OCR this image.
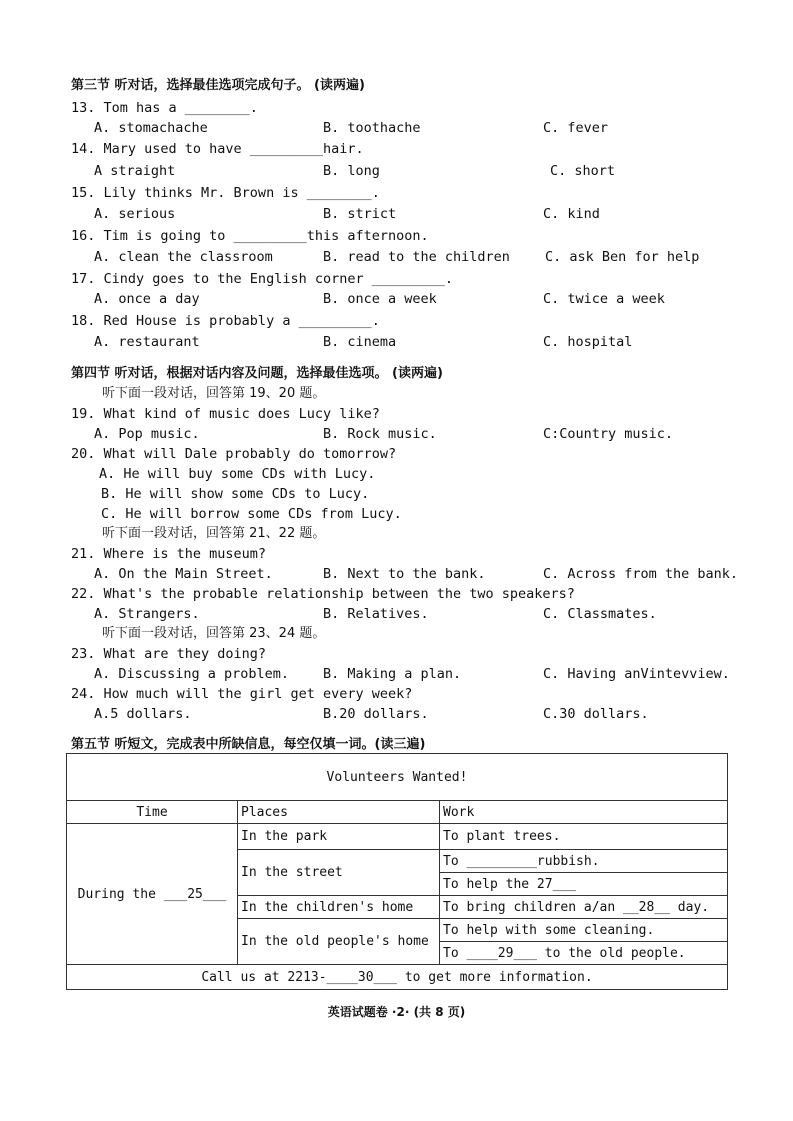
第三节 听对话，选择最佳选项完成句子。 (读两遍)
13. Tom has a ________.
A. stomachache	B. toothache	C. fever
14. Mary used to have _________hair.
A straight	B. long	C. short
15. Lily thinks Mr. Brown is ________.
A. serious	B. strict	C. kind
16. Tim is going to _________this afternoon.
A. clean the classroom	B. read to the children	C. ask Ben for help
17. Cindy goes to the English corner _________.
A. once a day	B. once a week	C. twice a week
18. Red House is probably a _________.
A. restaurant	B. cinema	C. hospital
第四节 听对话，根据对话内容及问题，选择最佳选项。 (读两遍)
听下面一段对话，回答第 19、20 题。
19. What kind of music does Lucy like?
A. Pop music.	B. Rock music.	C:Country music.
20. What will Dale probably do tomorrow?
A. He will buy some CDs with Lucy.
B. He will show some CDs to Lucy.
C. He will borrow some CDs from Lucy.
听下面一段对话，回答第 21、22 题。
21. Where is the museum?
A. On the Main Street.	B. Next to the bank.	C. Across from the bank.
22. What's the probable relationship between the two speakers?
A. Strangers.	B. Relatives.	C. Classmates.
听下面一段对话，回答第 23、24 题。
23. What are they doing?
A. Discussing a problem.	B. Making a plan.	C. Having anVintevview.
24. How much will the girl get every week?
A.5 dollars.	B.20 dollars.	C.30 dollars.
第五节 听短文，完成表中所缺信息，每空仅填一词。(读三遍)
Volunteers Wanted!		
Time	Places	Work
During the ___25___	In the park	To plant trees.
	In the street	To _________rubbish.
		To help the 27___
	In the children's home	To bring children a/an __28__ day.
	In the old people's home	To help with some cleaning.
		To ____29___ to the old people.
Call us at 2213-____30___ to get more information.		
英语试题卷 ·2· (共 8 页)
